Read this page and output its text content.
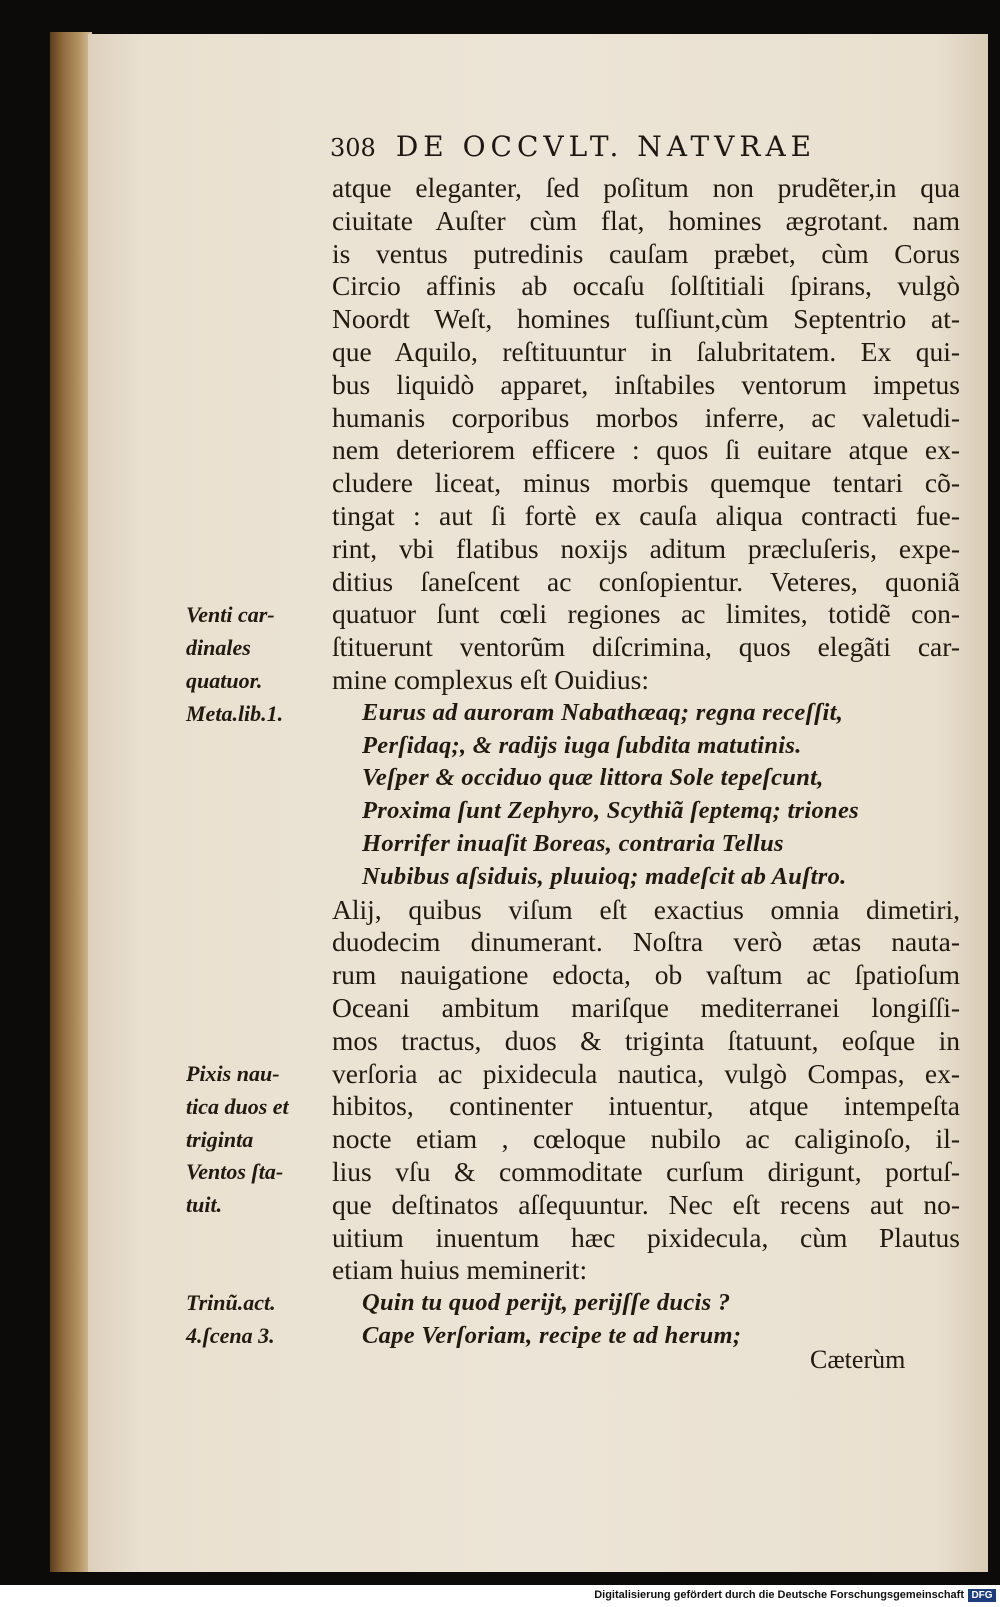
308 DE OCCVLT. NATVRAE
atque eleganter, ſed poſitum non prudẽter,in qua
ciuitate Auſter cùm flat, homines ægrotant. nam
is ventus putredinis cauſam præbet, cùm Corus
Circio affinis ab occaſu ſolſtitiali ſpirans, vulgò
Noordt Weſt, homines tuſſiunt,cùm Septentrio at-
que Aquilo, reſtituuntur in ſalubritatem. Ex qui-
bus liquidò apparet, inſtabiles ventorum impetus
humanis corporibus morbos inferre, ac valetudi-
nem deteriorem efficere : quos ſi euitare atque ex-
cludere liceat, minus morbis quemque tentari cõ-
tingat : aut ſi fortè ex cauſa aliqua contracti fue-
rint, vbi flatibus noxijs aditum præcluſeris, expe-
ditius ſaneſcent ac conſopientur. Veteres, quoniã
quatuor ſunt cœli regiones ac limites, totidẽ con-
ſtituerunt ventorũm diſcrimina, quos elegãti car-
mine complexus eſt Ouidius:
Eurus ad auroram Nabathæaq; regna receſſit,
Perſidaq;, & radijs iuga ſubdita matutinis.
Veſper & occiduo quæ littora Sole tepeſcunt,
Proxima ſunt Zephyro, Scythiã ſeptemq; triones
Horrifer inuaſit Boreas, contraria Tellus
Nubibus aſsiduis, pluuioq; madeſcit ab Auſtro.
Alij, quibus viſum eſt exactius omnia dimetiri,
duodecim dinumerant. Noſtra verò ætas nauta-
rum nauigatione edocta, ob vaſtum ac ſpatioſum
Oceani ambitum mariſque mediterranei longiſſi-
mos tractus, duos & triginta ſtatuunt, eoſque in
verſoria ac pixidecula nautica, vulgò Compas, ex-
hibitos, continenter intuentur, atque intempeſta
nocte etiam , cœloque nubilo ac caliginoſo, il-
lius vſu & commoditate curſum dirigunt, portuſ-
que deſtinatos aſſequuntur. Nec eſt recens aut no-
uitium inuentum hæc pixidecula, cùm Plautus
etiam huius meminerit:
Quin tu quod perijt, perijſſe ducis ?
Cape Verſoriam, recipe te ad herum;
Venti car-
dinales
quatuor.
Meta.lib.1.
Pixis nau-
tica duos et
triginta
Ventos ſta-
tuit.
Trinũ.act.
4.ſcena 3.
Cæterùm
Digitalisierung gefördert durch die Deutsche Forschungsgemeinschaft DFG
